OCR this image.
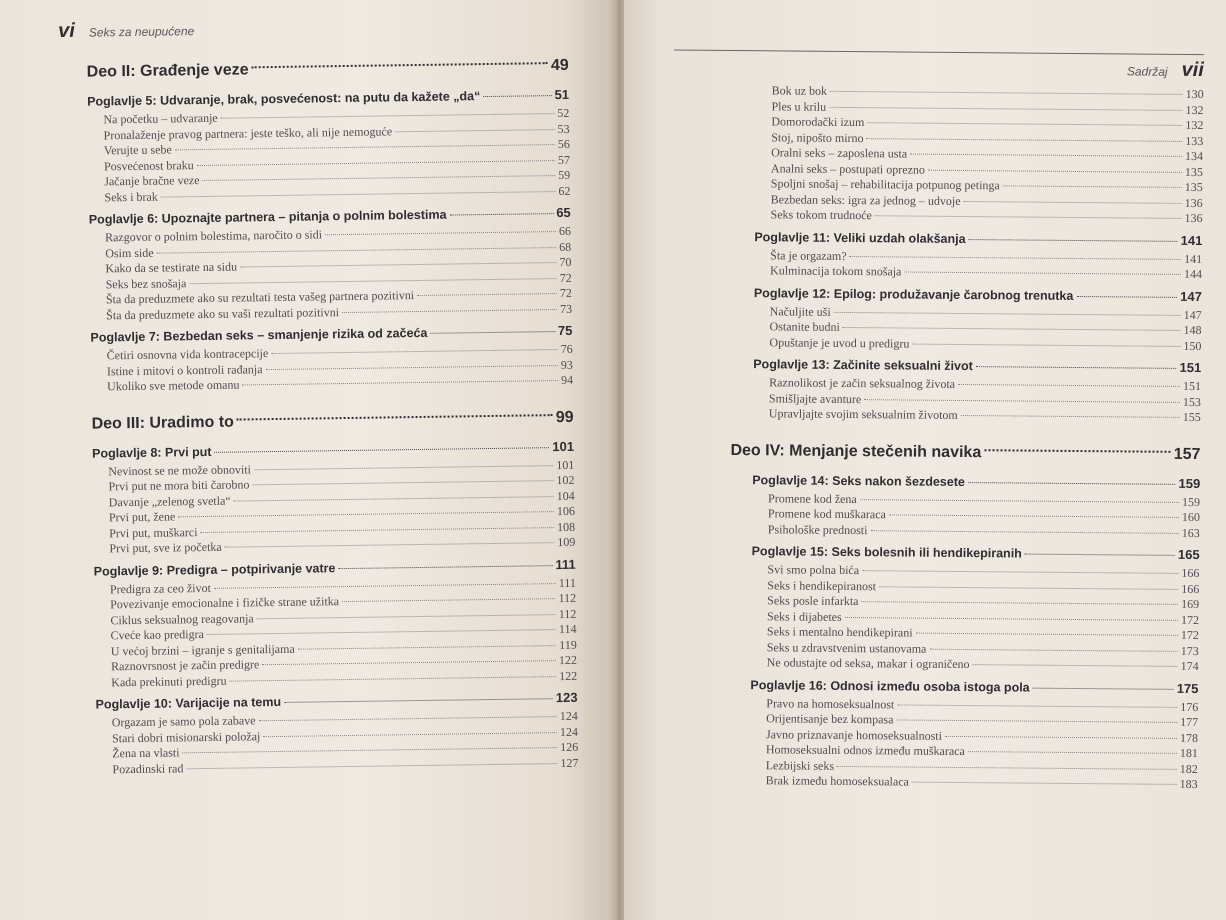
vi Seks za neupućene
Deo II: Građenje veze	49
Poglavlje 5: Udvaranje, brak, posvećenost: na putu da kažete „da“	51
Na početku – udvaranje	52
Pronalaženje pravog partnera: jeste teško, ali nije nemoguće	53
Verujte u sebe	56
Posvećenost braku	57
Jačanje bračne veze	59
Seks i brak	62
Poglavlje 6: Upoznajte partnera – pitanja o polnim bolestima	65
Razgovor o polnim bolestima, naročito o sidi	66
Osim side	68
Kako da se testirate na sidu	70
Seks bez snošaja	72
Šta da preduzmete ako su rezultati testa vašeg partnera pozitivni	72
Šta da preduzmete ako su vaši rezultati pozitivni	73
Poglavlje 7: Bezbedan seks – smanjenje rizika od začeća	75
Četiri osnovna vida kontracepcije	76
Istine i mitovi o kontroli rađanja	93
Ukoliko sve metode omanu	94
Deo III: Uradimo to	99
Poglavlje 8: Prvi put	101
Nevinost se ne može obnoviti	101
Prvi put ne mora biti čarobno	102
Davanje „zelenog svetla“	104
Prvi put, žene	106
Prvi put, muškarci	108
Prvi put, sve iz početka	109
Poglavlje 9: Predigra – potpirivanje vatre	111
Predigra za ceo život	111
Povezivanje emocionalne i fizičke strane užitka	112
Ciklus seksualnog reagovanja	112
Cveće kao predigra	114
U većoj brzini – igranje s genitalijama	119
Raznovrsnost je začin predigre	122
Kada prekinuti predigru	122
Poglavlje 10: Varijacije na temu	123
Orgazam je samo pola zabave	124
Stari dobri misionarski položaj	124
Žena na vlasti	126
Pozadinski rad	127
Sadržaj vii
Bok uz bok	130
Ples u krilu	132
Domorodački izum	132
Stoj, nipošto mirno	133
Oralni seks – zaposlena usta	134
Analni seks – postupati oprezno	135
Spoljni snošaj – rehabilitacija potpunog petinga	135
Bezbedan seks: igra za jednog – udvoje	136
Seks tokom trudnoće	136
Poglavlje 11: Veliki uzdah olakšanja	141
Šta je orgazam?	141
Kulminacija tokom snošaja	144
Poglavlje 12: Epilog: produžavanje čarobnog trenutka	147
Načuljite uši	147
Ostanite budni	148
Opuštanje je uvod u predigru	150
Poglavlje 13: Začinite seksualni život	151
Raznolikost je začin seksualnog života	151
Smišljajte avanture	153
Upravljajte svojim seksualnim životom	155
Deo IV: Menjanje stečenih navika	157
Poglavlje 14: Seks nakon šezdesete	159
Promene kod žena	159
Promene kod muškaraca	160
Psihološke prednosti	163
Poglavlje 15: Seks bolesnih ili hendikepiranih	165
Svi smo polna bića	166
Seks i hendikepiranost	166
Seks posle infarkta	169
Seks i dijabetes	172
Seks i mentalno hendikepirani	172
Seks u zdravstvenim ustanovama	173
Ne odustajte od seksa, makar i ograničeno	174
Poglavlje 16: Odnosi između osoba istoga pola	175
Pravo na homoseksualnost	176
Orijentisanje bez kompasa	177
Javno priznavanje homoseksualnosti	178
Homoseksualni odnos između muškaraca	181
Lezbijski seks	182
Brak između homoseksualaca	183
